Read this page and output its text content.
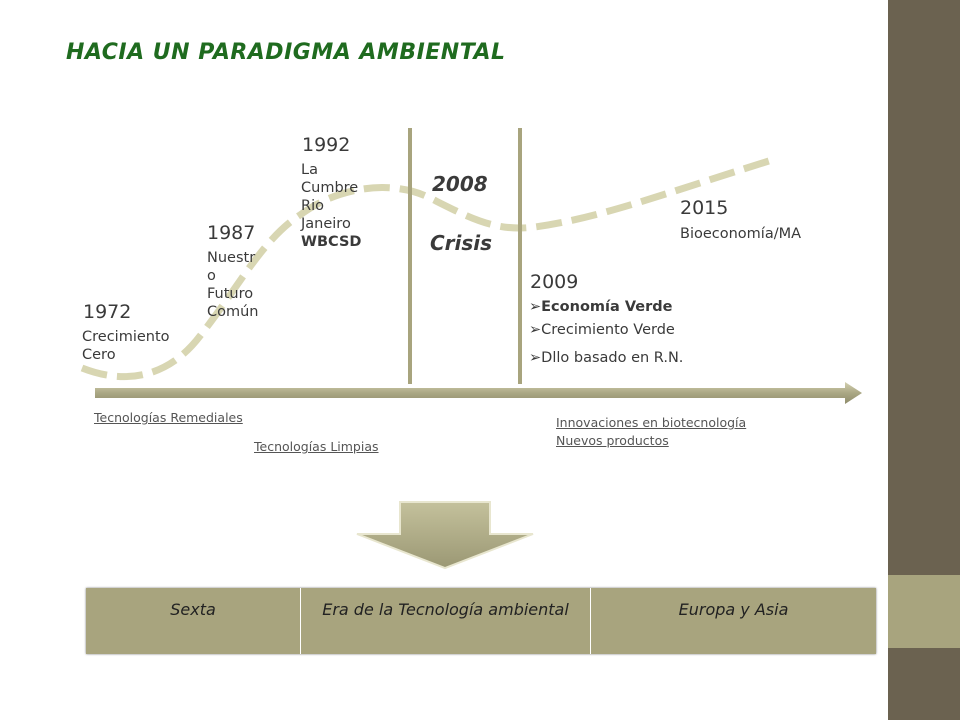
HACIA UN PARADIGMA AMBIENTAL
1972
Crecimiento
Cero
1987
Nuestr
o
Futuro
Común
1992
La
Cumbre
Rio
Janeiro
WBCSD
2008
Crisis
2009
➢Economía Verde
➢Crecimiento Verde
➢Dllo basado en R.N.
2015
Bioeconomía/MA
Tecnologías Remediales
Tecnologías Limpias
Innovaciones en biotecnología
Nuevos productos
Sexta	Era de la Tecnología ambiental	Europa y Asia
